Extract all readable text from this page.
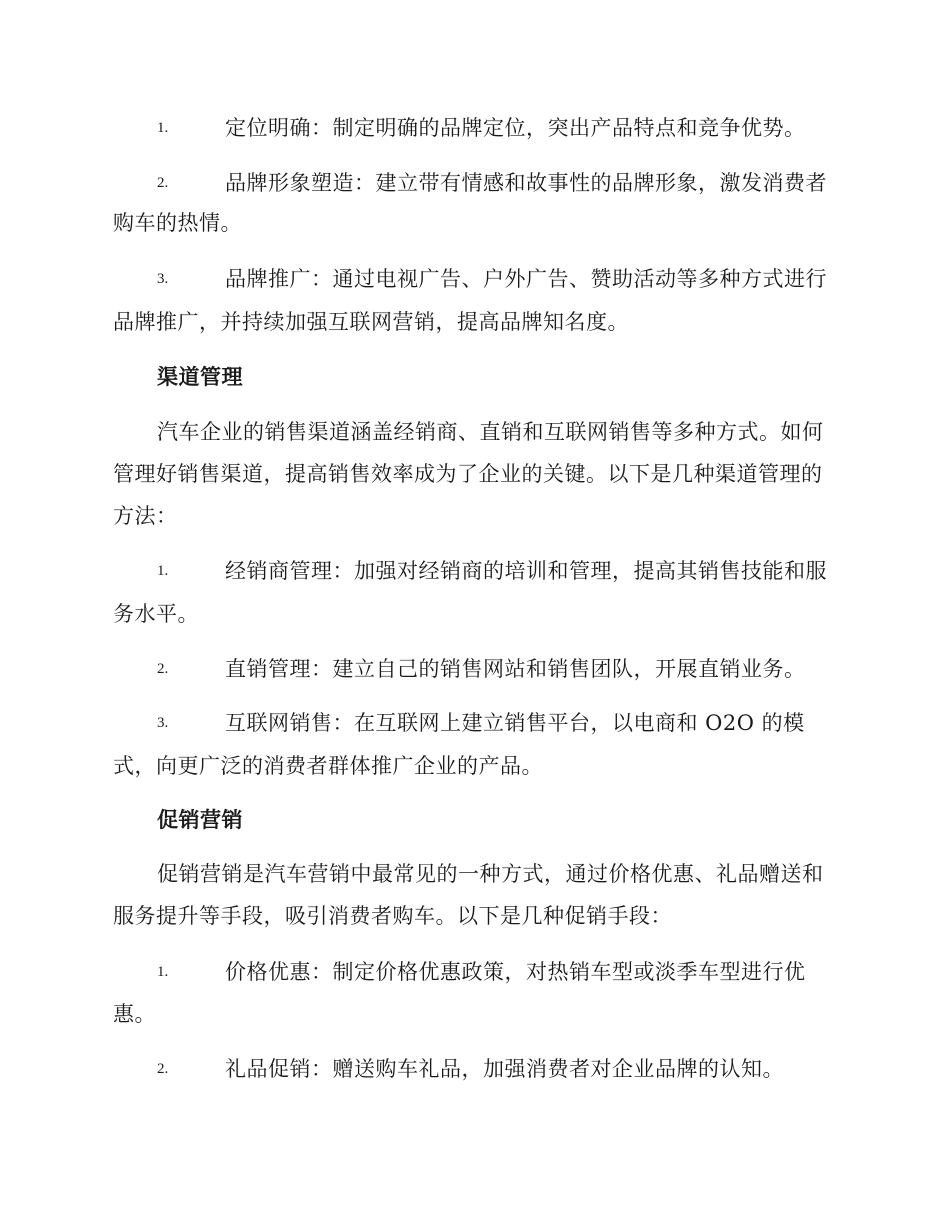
1.	定位明确：制定明确的品牌定位，突出产品特点和竞争优势。
2.	品牌形象塑造：建立带有情感和故事性的品牌形象，激发消费者
购车的热情。
3.	品牌推广：通过电视广告、户外广告、赞助活动等多种方式进行
品牌推广，并持续加强互联网营销，提高品牌知名度。
渠道管理
汽车企业的销售渠道涵盖经销商、直销和互联网销售等多种方式。如何
管理好销售渠道，提高销售效率成为了企业的关键。以下是几种渠道管理的
方法：
1.	经销商管理：加强对经销商的培训和管理，提高其销售技能和服
务水平。
2.	直销管理：建立自己的销售网站和销售团队，开展直销业务。
3.	互联网销售：在互联网上建立销售平台，以电商和 O2O 的模
式，向更广泛的消费者群体推广企业的产品。
促销营销
促销营销是汽车营销中最常见的一种方式，通过价格优惠、礼品赠送和
服务提升等手段，吸引消费者购车。以下是几种促销手段：
1.	价格优惠：制定价格优惠政策，对热销车型或淡季车型进行优
惠。
2.	礼品促销：赠送购车礼品，加强消费者对企业品牌的认知。
